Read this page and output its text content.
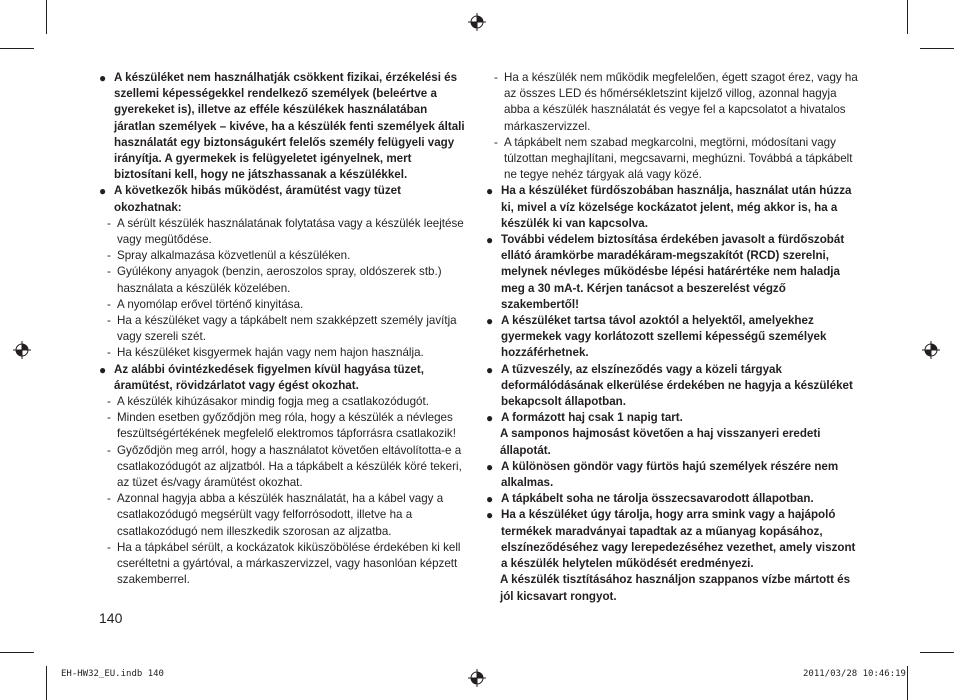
● A készüléket nem használhatják csökkent fizikai, érzékelési és szellemi képességekkel rendelkező személyek (beleértve a gyerekeket is), illetve az efféle készülékek használatában járatlan személyek – kivéve, ha a készülék fenti személyek általi használatát egy biztonságukért felelős személy felügyeli vagy irányítja. A gyermekek is felügyeletet igényelnek, mert biztosítani kell, hogy ne játszhassanak a készülékkel.
● A következők hibás működést, áramütést vagy tüzet okozhatnak:
- A sérült készülék használatának folytatása vagy a készülék leejtése vagy megütődése.
- Spray alkalmazása közvetlenül a készüléken.
- Gyúlékony anyagok (benzin, aeroszolos spray, oldószerek stb.) használata a készülék közelében.
- A nyomólap erővel történő kinyitása.
- Ha a készüléket vagy a tápkábelt nem szakképzett személy javítja vagy szereli szét.
- Ha készüléket kisgyermek haján vagy nem hajon használja.
● Az alábbi óvintézkedések figyelmen kívül hagyása tüzet, áramütést, rövidzárlatot vagy égést okozhat.
- A készülék kihúzásakor mindig fogja meg a csatlakozódugót.
- Minden esetben győződjön meg róla, hogy a készülék a névleges feszültségértékének megfelelő elektromos tápforrásra csatlakozik!
- Győződjön meg arról, hogy a használatot követően eltávolította-e a csatlakozódugót az aljzatból. Ha a tápkábelt a készülék köré tekeri, az tüzet és/vagy áramütést okozhat.
- Azonnal hagyja abba a készülék használatát, ha a kábel vagy a csatlakozódugó megsérült vagy felforrósodott, illetve ha a csatlakozódugó nem illeszkedik szorosan az aljzatba.
- Ha a tápkábel sérült, a kockázatok kiküszöbölése érdekében ki kell cseréltetni a gyártóval, a márkaszervizzel, vagy hasonlóan képzett szakemberrel.
- Ha a készülék nem működik megfelelően, égett szagot érez, vagy ha az összes LED és hőmérsékletszint kijelző villog, azonnal hagyja abba a készülék használatát és vegye fel a kapcsolatot a hivatalos márkaszervizzel.
- A tápkábelt nem szabad megkarcolni, megtörni, módosítani vagy túlzottan meghajlítani, megcsavarni, meghúzni. Továbbá a tápkábelt ne tegye nehéz tárgyak alá vagy közé.
● Ha a készüléket fürdőszobában használja, használat után húzza ki, mivel a víz közelsége kockázatot jelent, még akkor is, ha a készülék ki van kapcsolva.
● További védelem biztosítása érdekében javasolt a fürdőszobát ellátó áramkörbe maradékáram-megszakítót (RCD) szerelni, melynek névleges működésbe lépési határértéke nem haladja meg a 30 mA-t. Kérjen tanácsot a beszerelést végző szakembertől!
● A készüléket tartsa távol azoktól a helyektől, amelyekhez gyermekek vagy korlátozott szellemi képességű személyek hozzáférhetnek.
● A tűzveszély, az elszíneződés vagy a közeli tárgyak deformálódásának elkerülése érdekében ne hagyja a készüléket bekapcsolt állapotban.
● A formázott haj csak 1 napig tart.
A samponos hajmosást követően a haj visszanyeri eredeti állapotát.
● A különösen göndör vagy fürtös hajú személyek részére nem alkalmas.
● A tápkábelt soha ne tárolja összecsavarodott állapotban.
● Ha a készüléket úgy tárolja, hogy arra smink vagy a hajápoló termékek maradványai tapadtak az a műanyag kopásához, elszíneződéséhez vagy lerepedezéséhez vezethet, amely viszont a készülék helytelen működését eredményezi.
A készülék tisztításához használjon szappanos vízbe mártott és jól kicsavart rongyot.
140
EH-HW32_EU.indb 140	2011/03/28 10:46:19
